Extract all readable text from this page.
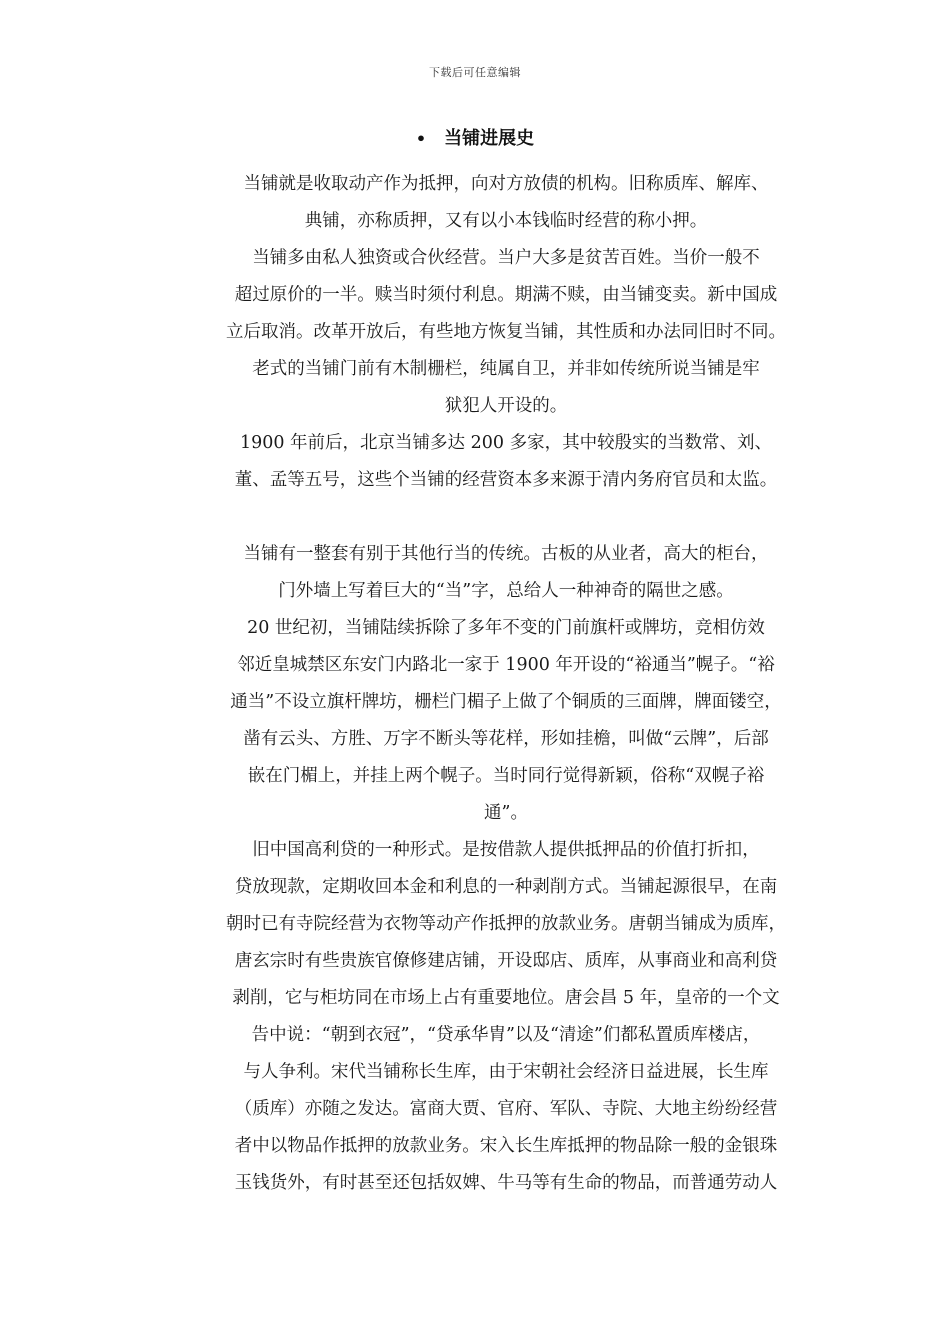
下载后可任意编辑
• 当铺进展史
当铺就是收取动产作为抵押，向对方放债的机构。旧称质库、解库、
典铺，亦称质押，又有以小本钱临时经营的称小押。
当铺多由私人独资或合伙经营。当户大多是贫苦百姓。当价一般不
超过原价的一半。赎当时须付利息。期满不赎，由当铺变卖。新中国成
立后取消。改革开放后，有些地方恢复当铺，其性质和办法同旧时不同。
老式的当铺门前有木制栅栏，纯属自卫，并非如传统所说当铺是牢
狱犯人开设的。
1900 年前后，北京当铺多达 200 多家，其中较殷实的当数常、刘、
董、孟等五号，这些个当铺的经营资本多来源于清内务府官员和太监。
当铺有一整套有别于其他行当的传统。古板的从业者，高大的柜台，
门外墙上写着巨大的“当”字，总给人一种神奇的隔世之感。
20 世纪初，当铺陆续拆除了多年不变的门前旗杆或牌坊，竞相仿效
邻近皇城禁区东安门内路北一家于 1900 年开设的“裕通当”幌子。“裕
通当”不设立旗杆牌坊，栅栏门楣子上做了个铜质的三面牌，牌面镂空，
凿有云头、方胜、万字不断头等花样，形如挂檐，叫做“云牌”，后部
嵌在门楣上，并挂上两个幌子。当时同行觉得新颖，俗称“双幌子裕
通”。
旧中国高利贷的一种形式。是按借款人提供抵押品的价值打折扣，
贷放现款，定期收回本金和利息的一种剥削方式。当铺起源很早，在南
朝时已有寺院经营为衣物等动产作抵押的放款业务。唐朝当铺成为质库，
唐玄宗时有些贵族官僚修建店铺，开设邸店、质库，从事商业和高利贷
剥削，它与柜坊同在市场上占有重要地位。唐会昌 5 年，皇帝的一个文
告中说：“朝到衣冠”，“贷承华胄”以及“清途”们都私置质库楼店，
与人争利。宋代当铺称长生库，由于宋朝社会经济日益进展，长生库
（质库）亦随之发达。富商大贾、官府、军队、寺院、大地主纷纷经营
者中以物品作抵押的放款业务。宋入长生库抵押的物品除一般的金银珠
玉钱货外，有时甚至还包括奴婢、牛马等有生命的物品，而普通劳动人
